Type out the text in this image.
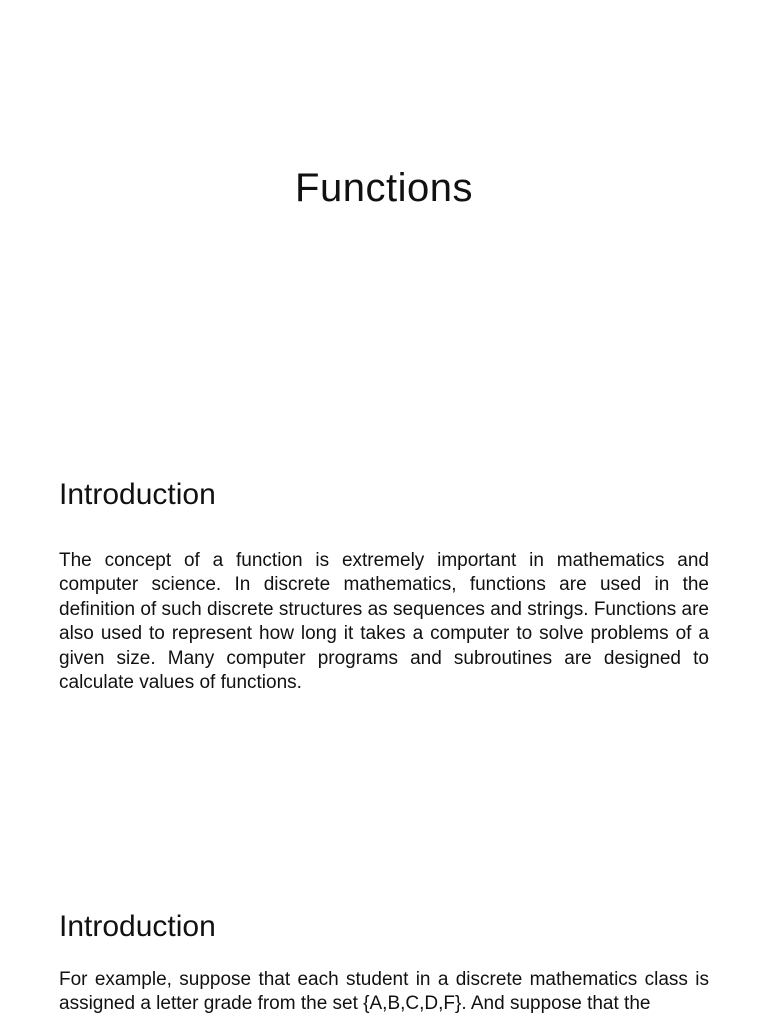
Functions
Introduction

The concept of a function is extremely important in mathematics and computer science. In discrete mathematics, functions are used in the definition of such discrete structures as sequences and strings. Functions are also used to represent how long it takes a computer to solve problems of a given size. Many computer programs and subroutines are designed to calculate values of functions.

Introduction

For example, suppose that each student in a discrete mathematics class is assigned a letter grade from the set {A,B,C,D,F}. And suppose that the
